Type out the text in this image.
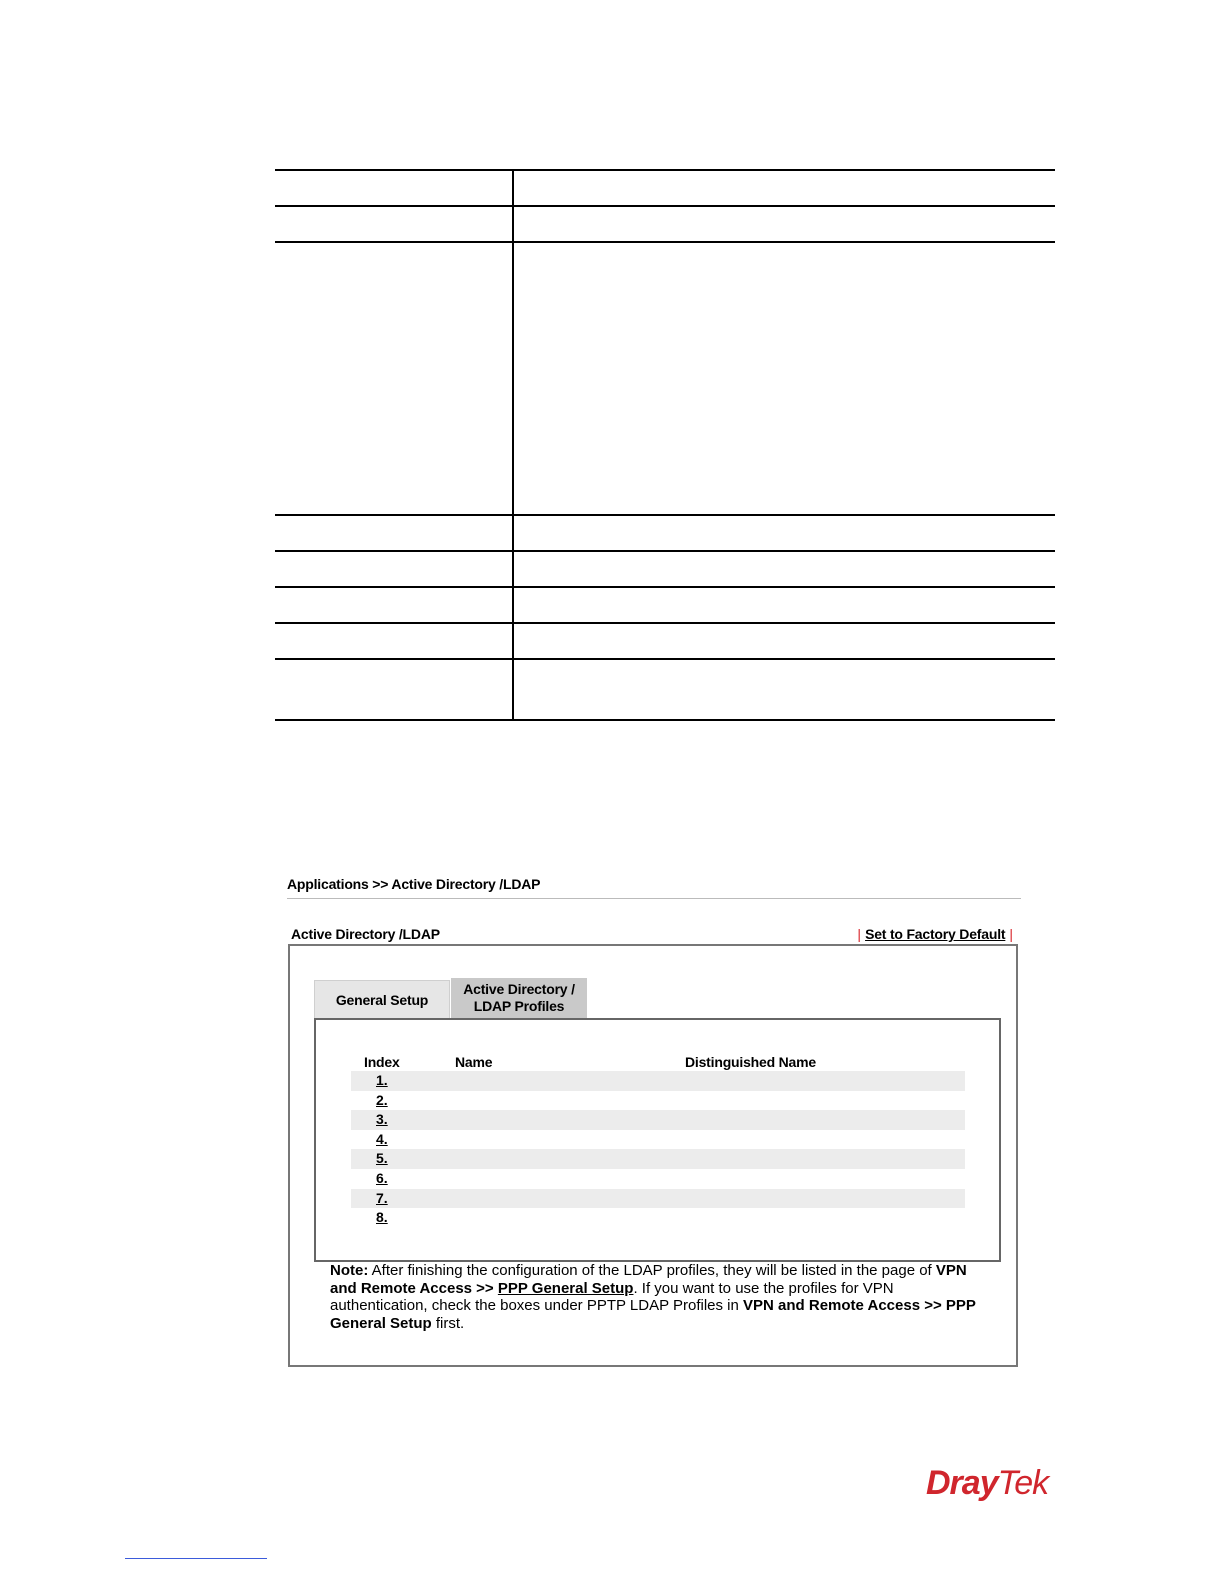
Applications >> Active Directory /LDAP
Active Directory /LDAP	| Set to Factory Default |
General Setup
Active Directory /
LDAP Profiles
Index	Name	Distinguished Name
1.
2.
3.
4.
5.
6.
7.
8.
Note: After finishing the configuration of the LDAP profiles, they will be listed in the page of VPN and Remote Access >> PPP General Setup. If you want to use the profiles for VPN authentication, check the boxes under PPTP LDAP Profiles in VPN and Remote Access >> PPP General Setup first.
DrayTek
